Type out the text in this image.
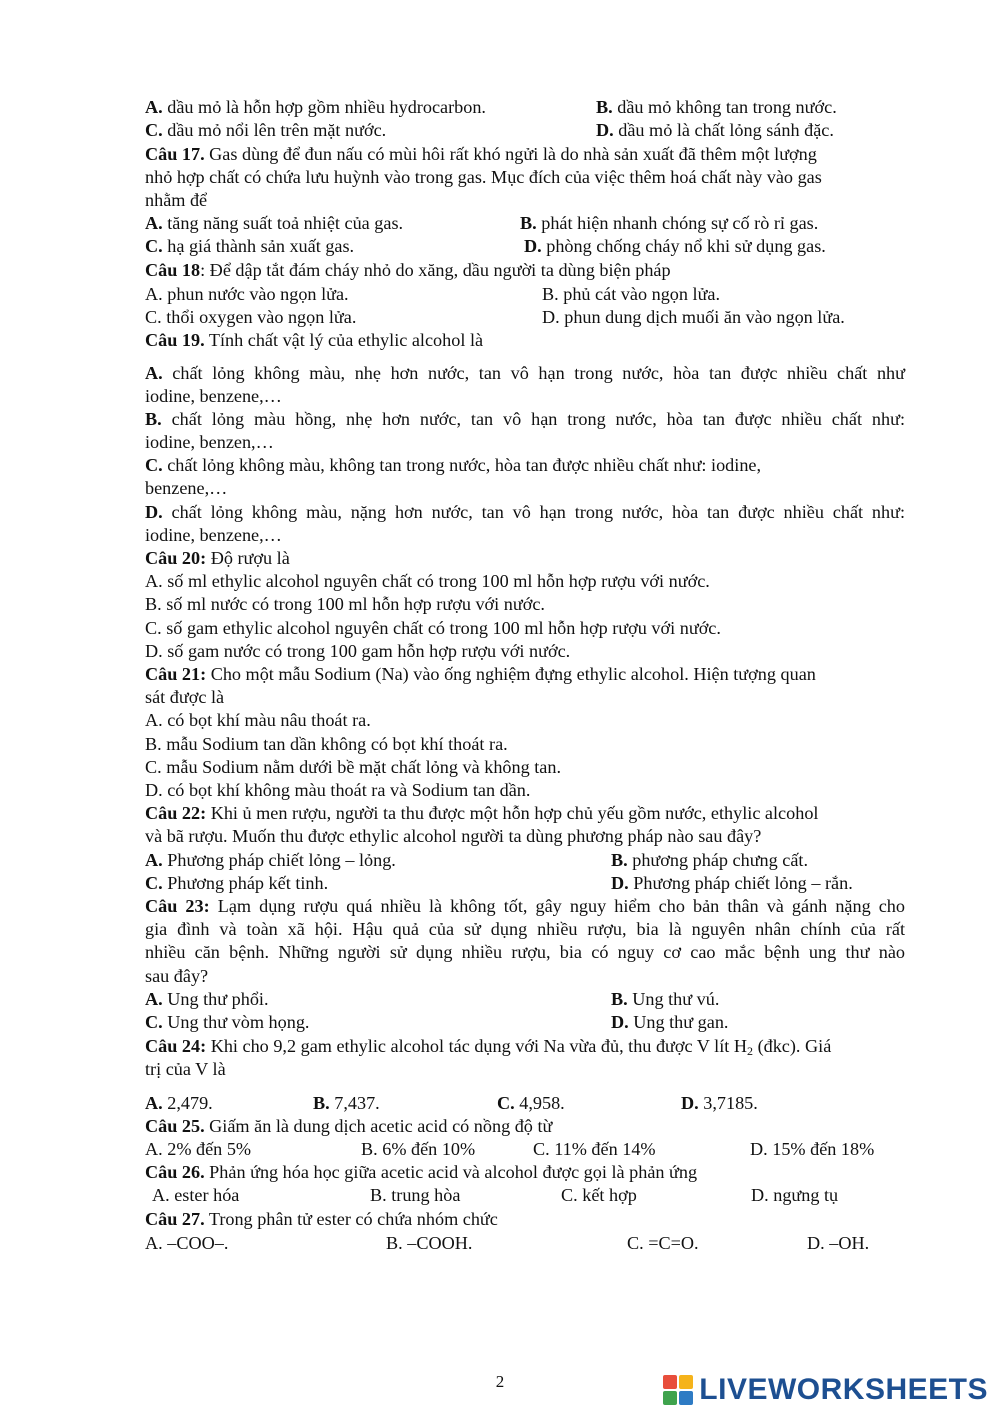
A. dầu mỏ là hỗn hợp gồm nhiều hydrocarbon.	B. dầu mỏ không tan trong nước.
C. dầu mỏ nổi lên trên mặt nước.	D. dầu mỏ là chất lỏng sánh đặc.
Câu 17. Gas dùng để đun nấu có mùi hôi rất khó ngửi là do nhà sản xuất đã thêm một lượng
nhỏ hợp chất có chứa lưu huỳnh vào trong gas. Mục đích của việc thêm hoá chất này vào gas
nhằm để
A. tăng năng suất toả nhiệt của gas.	B. phát hiện nhanh chóng sự cố rò rỉ gas.
C. hạ giá thành sản xuất gas.	D. phòng chống cháy nổ khi sử dụng gas.
Câu 18: Để dập tắt đám cháy nhỏ do xăng, dầu người ta dùng biện pháp
A. phun nước vào ngọn lửa.	B. phủ cát vào ngọn lửa.
C. thổi oxygen vào ngọn lửa.	D. phun dung dịch muối ăn vào ngọn lửa.
Câu 19. Tính chất vật lý của ethylic alcohol là
A. chất lỏng không màu, nhẹ hơn nước, tan vô hạn trong nước, hòa tan được nhiều chất như
iodine, benzene,…
B. chất lỏng màu hồng, nhẹ hơn nước, tan vô hạn trong nước, hòa tan được nhiều chất như:
iodine, benzen,…
C. chất lỏng không màu, không tan trong nước, hòa tan được nhiều chất như: iodine,
benzene,…
D. chất lỏng không màu, nặng hơn nước, tan vô hạn trong nước, hòa tan được nhiều chất như:
iodine, benzene,…
Câu 20: Độ rượu là
A. số ml ethylic alcohol nguyên chất có trong 100 ml hỗn hợp rượu với nước.
B. số ml nước có trong 100 ml hỗn hợp rượu với nước.
C. số gam ethylic alcohol nguyên chất có trong 100 ml hỗn hợp rượu với nước.
D. số gam nước có trong 100 gam hỗn hợp rượu với nước.
Câu 21: Cho một mẫu Sodium (Na) vào ống nghiệm đựng ethylic alcohol. Hiện tượng quan
sát được là
A. có bọt khí màu nâu thoát ra.
B. mẫu Sodium tan dần không có bọt khí thoát ra.
C. mẫu Sodium nằm dưới bề mặt chất lỏng và không tan.
D. có bọt khí không màu thoát ra và Sodium tan dần.
Câu 22: Khi ủ men rượu, người ta thu được một hỗn hợp chủ yếu gồm nước, ethylic alcohol
và bã rượu. Muốn thu được ethylic alcohol người ta dùng phương pháp nào sau đây?
A. Phương pháp chiết lỏng – lỏng.	B. phương pháp chưng cất.
C. Phương pháp kết tinh.	D. Phương pháp chiết lỏng – rắn.
Câu 23: Lạm dụng rượu quá nhiều là không tốt, gây nguy hiểm cho bản thân và gánh nặng cho
gia đình và toàn xã hội. Hậu quả của sử dụng nhiều rượu, bia là nguyên nhân chính của rất
nhiều căn bệnh. Những người sử dụng nhiều rượu, bia có nguy cơ cao mắc bệnh ung thư nào
sau đây?
A. Ung thư phổi.	B. Ung thư vú.
C. Ung thư vòm họng.	D. Ung thư gan.
Câu 24: Khi cho 9,2 gam ethylic alcohol tác dụng với Na vừa đủ, thu được V lít $H_2$ (đkc). Giá
trị của V là
A. 2,479.	B. 7,437.	C. 4,958.	D. 3,7185.
Câu 25. Giấm ăn là dung dịch acetic acid có nồng độ từ
A. 2% đến 5%	B. 6% đến 10%	C. 11% đến 14%	D. 15% đến 18%
Câu 26. Phản ứng hóa học giữa acetic acid và alcohol được gọi là phản ứng
A. ester hóa	B. trung hòa	C. kết hợp	D. ngưng tụ
Câu 27. Trong phân tử ester có chứa nhóm chức
A. –COO–.	B. –COOH.	C. =C=O.	D. –OH.
2	LIVEWORKSHEETS
